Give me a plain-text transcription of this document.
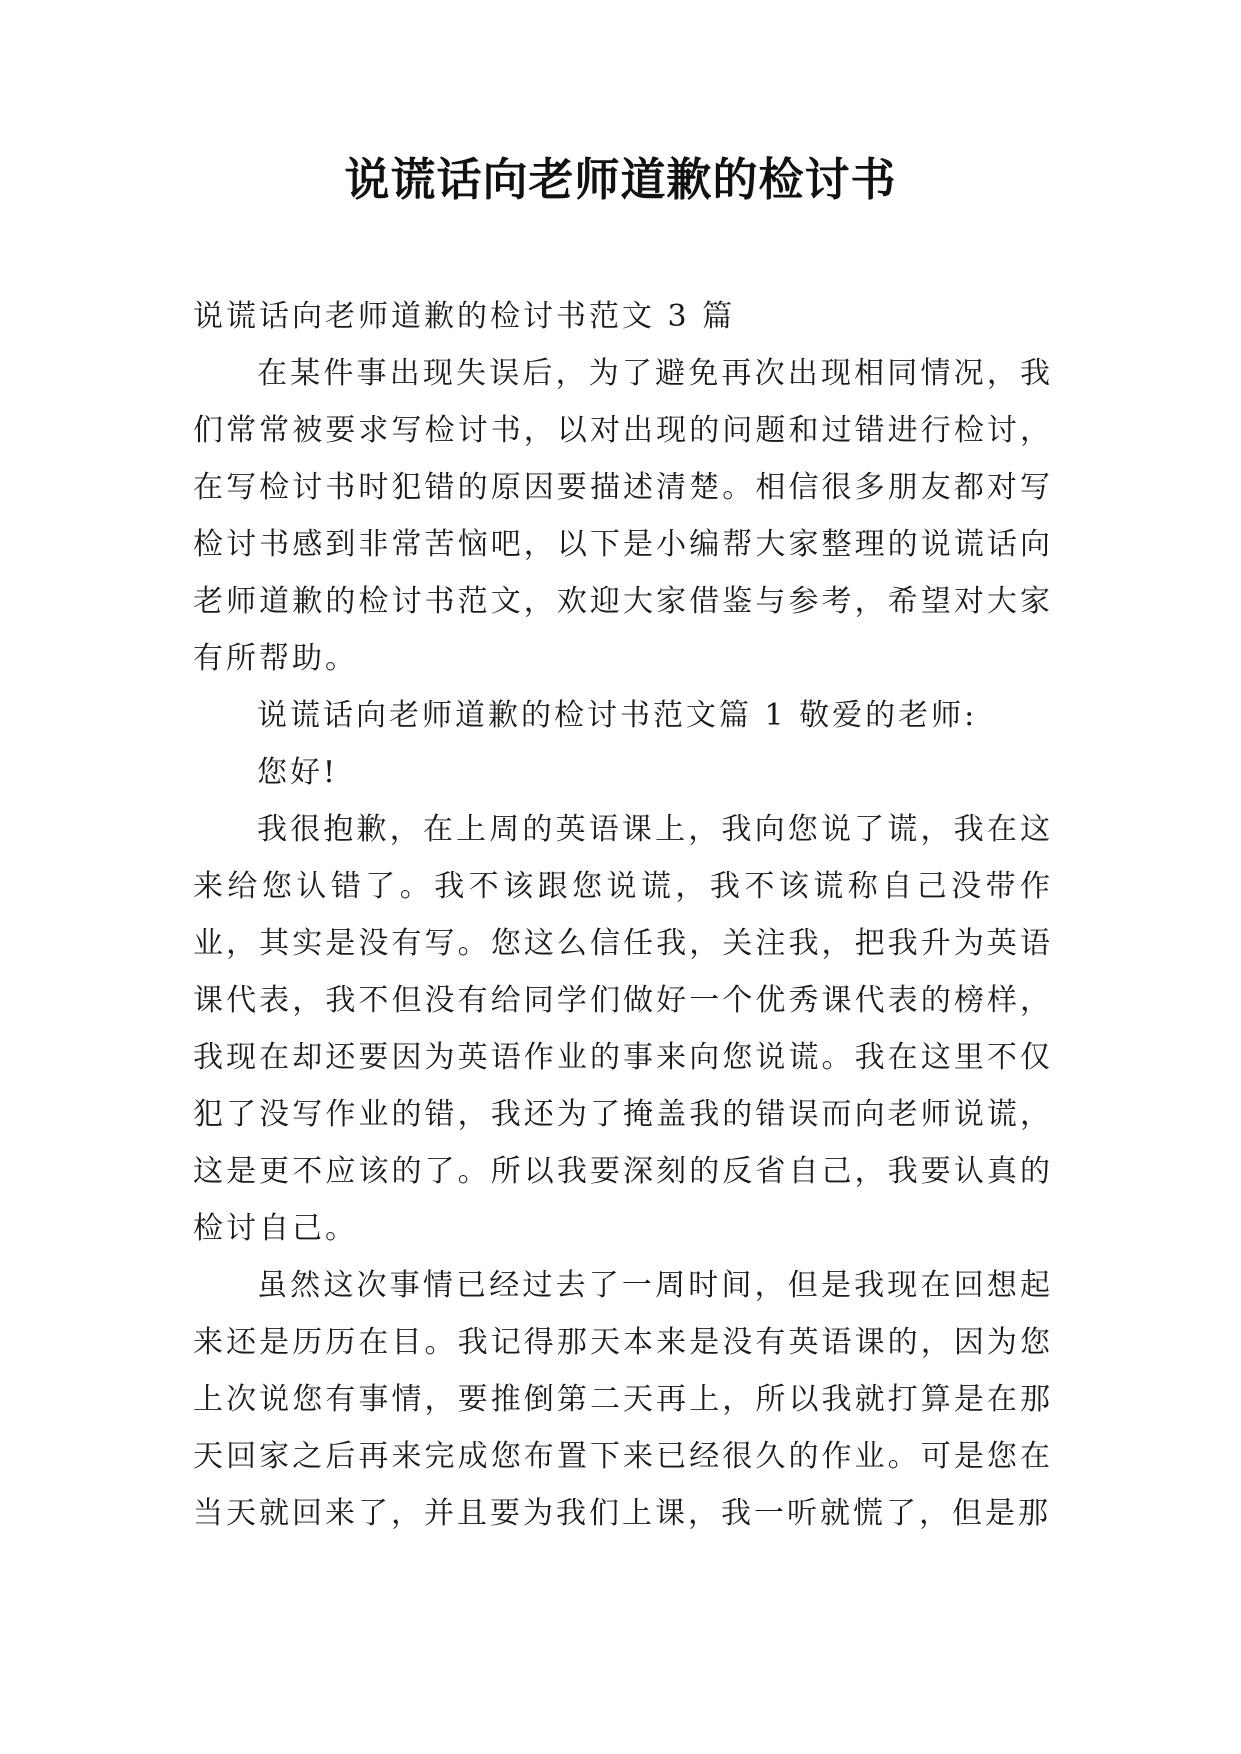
说谎话向老师道歉的检讨书

说谎话向老师道歉的检讨书范文 3 篇

在某件事出现失误后，为了避免再次出现相同情况，我们常常被要求写检讨书，以对出现的问题和过错进行检讨，在写检讨书时犯错的原因要描述清楚。相信很多朋友都对写检讨书感到非常苦恼吧，以下是小编帮大家整理的说谎话向老师道歉的检讨书范文，欢迎大家借鉴与参考，希望对大家有所帮助。

说谎话向老师道歉的检讨书范文篇 1 敬爱的老师:

您好!

我很抱歉，在上周的英语课上，我向您说了谎，我在这来给您认错了。我不该跟您说谎，我不该谎称自己没带作业，其实是没有写。您这么信任我，关注我，把我升为英语课代表，我不但没有给同学们做好一个优秀课代表的榜样，我现在却还要因为英语作业的事来向您说谎。我在这里不仅犯了没写作业的错，我还为了掩盖我的错误而向老师说谎，这是更不应该的了。所以我要深刻的反省自己，我要认真的检讨自己。

虽然这次事情已经过去了一周时间，但是我现在回想起来还是历历在目。我记得那天本来是没有英语课的，因为您上次说您有事情，要推倒第二天再上，所以我就打算是在那天回家之后再来完成您布置下来已经很久的作业。可是您在当天就回来了，并且要为我们上课，我一听就慌了，但是那
